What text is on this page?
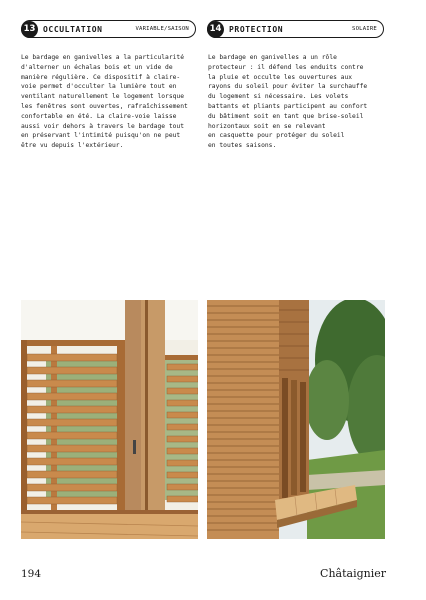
13 OCCULTATION	VARIABLE/SAISON	14 PROTECTION	SOLAIRE
Le bardage en ganivelles a la particularité
d'alterner un échalas bois et un vide de
manière régulière. Ce dispositif à claire-
voie permet d'occulter la lumière tout en
ventilant naturellement le logement lorsque
les fenêtres sont ouvertes, rafraîchissement
confortable en été. La claire-voie laisse
aussi voir dehors à travers le bardage tout
en préservant l'intimité puisqu'on ne peut
être vu depuis l'extérieur.
Le bardage en ganivelles a un rôle
protecteur : il défend les enduits contre
la pluie et occulte les ouvertures aux
rayons du soleil pour éviter la surchauffe
du logement si nécessaire. Les volets
battants et pliants participent au confort
du bâtiment soit en tant que brise-soleil
horizontaux soit en se relevant
en casquette pour protéger du soleil
en toutes saisons.
194	Châtaignier
